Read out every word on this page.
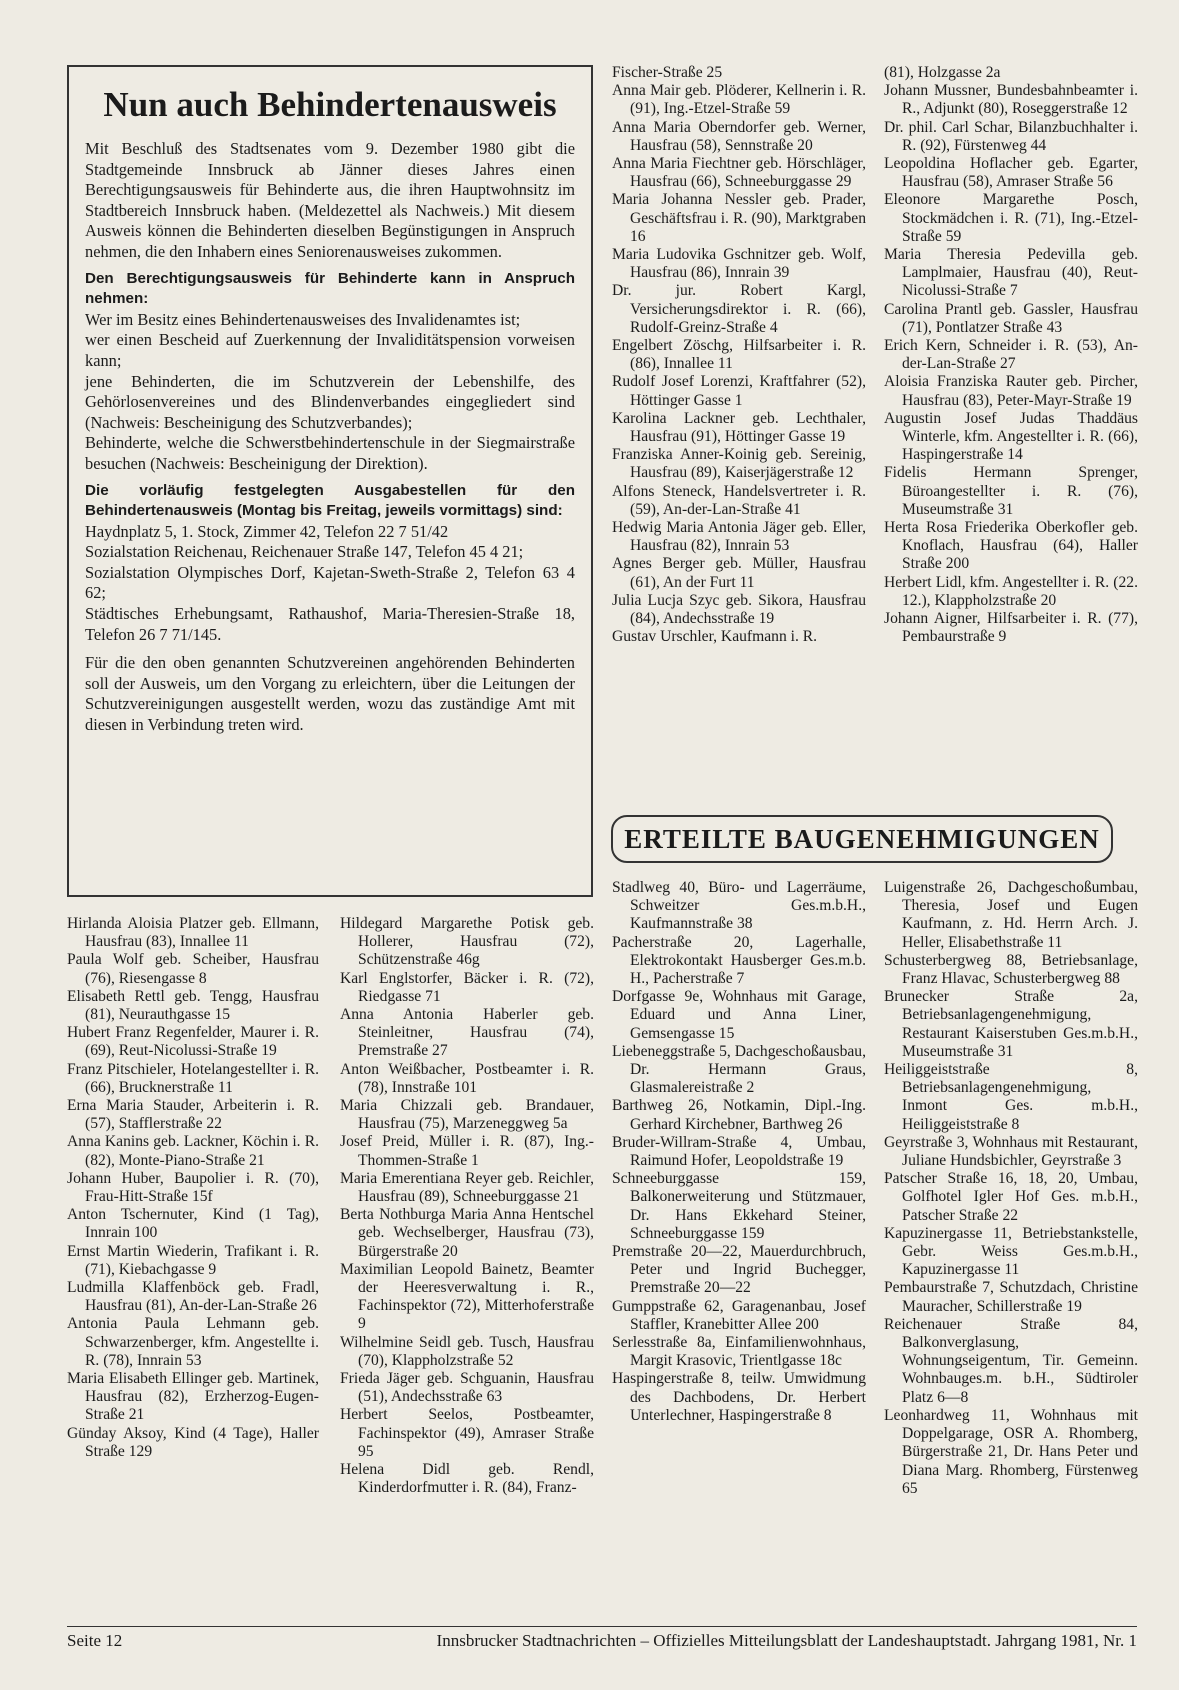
Nun auch Behindertenausweis

Mit Beschluß des Stadtsenates vom 9. Dezember 1980 gibt die Stadtgemeinde Innsbruck ab Jänner dieses Jahres einen Berechtigungsausweis für Behinderte aus, die ihren Hauptwohnsitz im Stadtbereich Innsbruck haben. (Meldezettel als Nachweis.) Mit diesem Ausweis können die Behinderten dieselben Begünstigungen in Anspruch nehmen, die den Inhabern eines Seniorenausweises zukommen.

Den Berechtigungsausweis für Behinderte kann in Anspruch nehmen:

Wer im Besitz eines Behindertenausweises des Invalidenamtes ist;

wer einen Bescheid auf Zuerkennung der Invaliditätspension vorweisen kann;

jene Behinderten, die im Schutzverein der Lebenshilfe, des Gehörlosenvereines und des Blindenverbandes eingegliedert sind (Nachweis: Bescheinigung des Schutzverbandes);

Behinderte, welche die Schwerstbehindertenschule in der Siegmairstraße besuchen (Nachweis: Bescheinigung der Direktion).

Die vorläufig festgelegten Ausgabestellen für den Behindertenausweis (Montag bis Freitag, jeweils vormittags) sind:

Haydnplatz 5, 1. Stock, Zimmer 42, Telefon 22 7 51/42

Sozialstation Reichenau, Reichenauer Straße 147, Telefon 45 4 21;

Sozialstation Olympisches Dorf, Kajetan-Sweth-Straße 2, Telefon 63 4 62;

Städtisches Erhebungsamt, Rathaushof, Maria-Theresien-Straße 18, Telefon 26 7 71/145.

Für die den oben genannten Schutzvereinen angehörenden Behinderten soll der Ausweis, um den Vorgang zu erleichtern, über die Leitungen der Schutzvereinigungen ausgestellt werden, wozu das zuständige Amt mit diesen in Verbindung treten wird.

Hirlanda Aloisia Platzer geb. Ellmann, Hausfrau (83), Innallee 11

Paula Wolf geb. Scheiber, Hausfrau (76), Riesengasse 8

Elisabeth Rettl geb. Tengg, Hausfrau (81), Neurauthgasse 15

Hubert Franz Regenfelder, Maurer i. R. (69), Reut-Nicolussi-Straße 19

Franz Pitschieler, Hotelangestellter i. R. (66), Brucknerstraße 11

Erna Maria Stauder, Arbeiterin i. R. (57), Stafflerstraße 22

Anna Kanins geb. Lackner, Köchin i. R. (82), Monte-Piano-Straße 21

Johann Huber, Baupolier i. R. (70), Frau-Hitt-Straße 15f

Anton Tschernuter, Kind (1 Tag), Innrain 100

Ernst Martin Wiederin, Trafikant i. R. (71), Kiebachgasse 9

Ludmilla Klaffenböck geb. Fradl, Hausfrau (81), An-der-Lan-Straße 26

Antonia Paula Lehmann geb. Schwarzenberger, kfm. Angestellte i. R. (78), Innrain 53

Maria Elisabeth Ellinger geb. Martinek, Hausfrau (82), Erzherzog-Eugen-Straße 21

Günday Aksoy, Kind (4 Tage), Haller Straße 129

Hildegard Margarethe Potisk geb. Hollerer, Hausfrau (72), Schützenstraße 46g

Karl Englstorfer, Bäcker i. R. (72), Riedgasse 71

Anna Antonia Haberler geb. Steinleitner, Hausfrau (74), Premstraße 27

Anton Weißbacher, Postbeamter i. R. (78), Innstraße 101

Maria Chizzali geb. Brandauer, Hausfrau (75), Marzeneggweg 5a

Josef Preid, Müller i. R. (87), Ing.-Thommen-Straße 1

Maria Emerentiana Reyer geb. Reichler, Hausfrau (89), Schneeburggasse 21

Berta Nothburga Maria Anna Hentschel geb. Wechselberger, Hausfrau (73), Bürgerstraße 20

Maximilian Leopold Bainetz, Beamter der Heeresverwaltung i. R., Fachinspektor (72), Mitterhoferstraße 9

Wilhelmine Seidl geb. Tusch, Hausfrau (70), Klappholzstraße 52

Frieda Jäger geb. Schguanin, Hausfrau (51), Andechsstraße 63

Herbert Seelos, Postbeamter, Fachinspektor (49), Amraser Straße 95

Helena Didl geb. Rendl, Kinderdorfmutter i. R. (84), Franz-

Fischer-Straße 25

Anna Mair geb. Plöderer, Kellnerin i. R. (91), Ing.-Etzel-Straße 59

Anna Maria Oberndorfer geb. Werner, Hausfrau (58), Sennstraße 20

Anna Maria Fiechtner geb. Hörschläger, Hausfrau (66), Schneeburggasse 29

Maria Johanna Nessler geb. Prader, Geschäftsfrau i. R. (90), Marktgraben 16

Maria Ludovika Gschnitzer geb. Wolf, Hausfrau (86), Innrain 39

Dr. jur. Robert Kargl, Versicherungsdirektor i. R. (66), Rudolf-Greinz-Straße 4

Engelbert Zöschg, Hilfsarbeiter i. R. (86), Innallee 11

Rudolf Josef Lorenzi, Kraftfahrer (52), Höttinger Gasse 1

Karolina Lackner geb. Lechthaler, Hausfrau (91), Höttinger Gasse 19

Franziska Anner-Koinig geb. Sereinig, Hausfrau (89), Kaiserjägerstraße 12

Alfons Steneck, Handelsvertreter i. R. (59), An-der-Lan-Straße 41

Hedwig Maria Antonia Jäger geb. Eller, Hausfrau (82), Innrain 53

Agnes Berger geb. Müller, Hausfrau (61), An der Furt 11

Julia Lucja Szyc geb. Sikora, Hausfrau (84), Andechsstraße 19

Gustav Urschler, Kaufmann i. R.

(81), Holzgasse 2a

Johann Mussner, Bundesbahnbeamter i. R., Adjunkt (80), Roseggerstraße 12

Dr. phil. Carl Schar, Bilanzbuchhalter i. R. (92), Fürstenweg 44

Leopoldina Hoflacher geb. Egarter, Hausfrau (58), Amraser Straße 56

Eleonore Margarethe Posch, Stockmädchen i. R. (71), Ing.-Etzel-Straße 59

Maria Theresia Pedevilla geb. Lamplmaier, Hausfrau (40), Reut-Nicolussi-Straße 7

Carolina Prantl geb. Gassler, Hausfrau (71), Pontlatzer Straße 43

Erich Kern, Schneider i. R. (53), An-der-Lan-Straße 27

Aloisia Franziska Rauter geb. Pircher, Hausfrau (83), Peter-Mayr-Straße 19

Augustin Josef Judas Thaddäus Winterle, kfm. Angestellter i. R. (66), Haspingerstraße 14

Fidelis Hermann Sprenger, Büroangestellter i. R. (76), Museumstraße 31

Herta Rosa Friederika Oberkofler geb. Knoflach, Hausfrau (64), Haller Straße 200

Herbert Lidl, kfm. Angestellter i. R. (22. 12.), Klappholzstraße 20

Johann Aigner, Hilfsarbeiter i. R. (77), Pembaurstraße 9

ERTEILTE BAUGENEHMIGUNGEN

Stadlweg 40, Büro- und Lagerräume, Schweitzer Ges.m.b.H., Kaufmannstraße 38

Pacherstraße 20, Lagerhalle, Elektrokontakt Hausberger Ges.m.b. H., Pacherstraße 7

Dorfgasse 9e, Wohnhaus mit Garage, Eduard und Anna Liner, Gemsengasse 15

Liebeneggstraße 5, Dachgeschoßausbau, Dr. Hermann Graus, Glasmalereistraße 2

Barthweg 26, Notkamin, Dipl.-Ing. Gerhard Kirchebner, Barthweg 26

Bruder-Willram-Straße 4, Umbau, Raimund Hofer, Leopoldstraße 19

Schneeburggasse 159, Balkonerweiterung und Stützmauer, Dr. Hans Ekkehard Steiner, Schneeburggasse 159

Premstraße 20—22, Mauerdurchbruch, Peter und Ingrid Buchegger, Premstraße 20—22

Gumppstraße 62, Garagenanbau, Josef Staffler, Kranebitter Allee 200

Serlesstraße 8a, Einfamilienwohnhaus, Margit Krasovic, Trientlgasse 18c

Haspingerstraße 8, teilw. Umwidmung des Dachbodens, Dr. Herbert Unterlechner, Haspingerstraße 8

Luigenstraße 26, Dachgeschoßumbau, Theresia, Josef und Eugen Kaufmann, z. Hd. Herrn Arch. J. Heller, Elisabethstraße 11

Schusterbergweg 88, Betriebsanlage, Franz Hlavac, Schusterbergweg 88

Brunecker Straße 2a, Betriebsanlagengenehmigung, Restaurant Kaiserstuben Ges.m.b.H., Museumstraße 31

Heiliggeiststraße 8, Betriebsanlagengenehmigung, Inmont Ges. m.b.H., Heiliggeiststraße 8

Geyrstraße 3, Wohnhaus mit Restaurant, Juliane Hundsbichler, Geyrstraße 3

Patscher Straße 16, 18, 20, Umbau, Golfhotel Igler Hof Ges. m.b.H., Patscher Straße 22

Kapuzinergasse 11, Betriebstankstelle, Gebr. Weiss Ges.m.b.H., Kapuzinergasse 11

Pembaurstraße 7, Schutzdach, Christine Mauracher, Schillerstraße 19

Reichenauer Straße 84, Balkonverglasung, Wohnungseigentum, Tir. Gemeinn. Wohnbauges.m. b.H., Südtiroler Platz 6—8

Leonhardweg 11, Wohnhaus mit Doppelgarage, OSR A. Rhomberg, Bürgerstraße 21, Dr. Hans Peter und Diana Marg. Rhomberg, Fürstenweg 65

Seite 12	Innsbrucker Stadtnachrichten – Offizielles Mitteilungsblatt der Landeshauptstadt. Jahrgang 1981, Nr. 1
